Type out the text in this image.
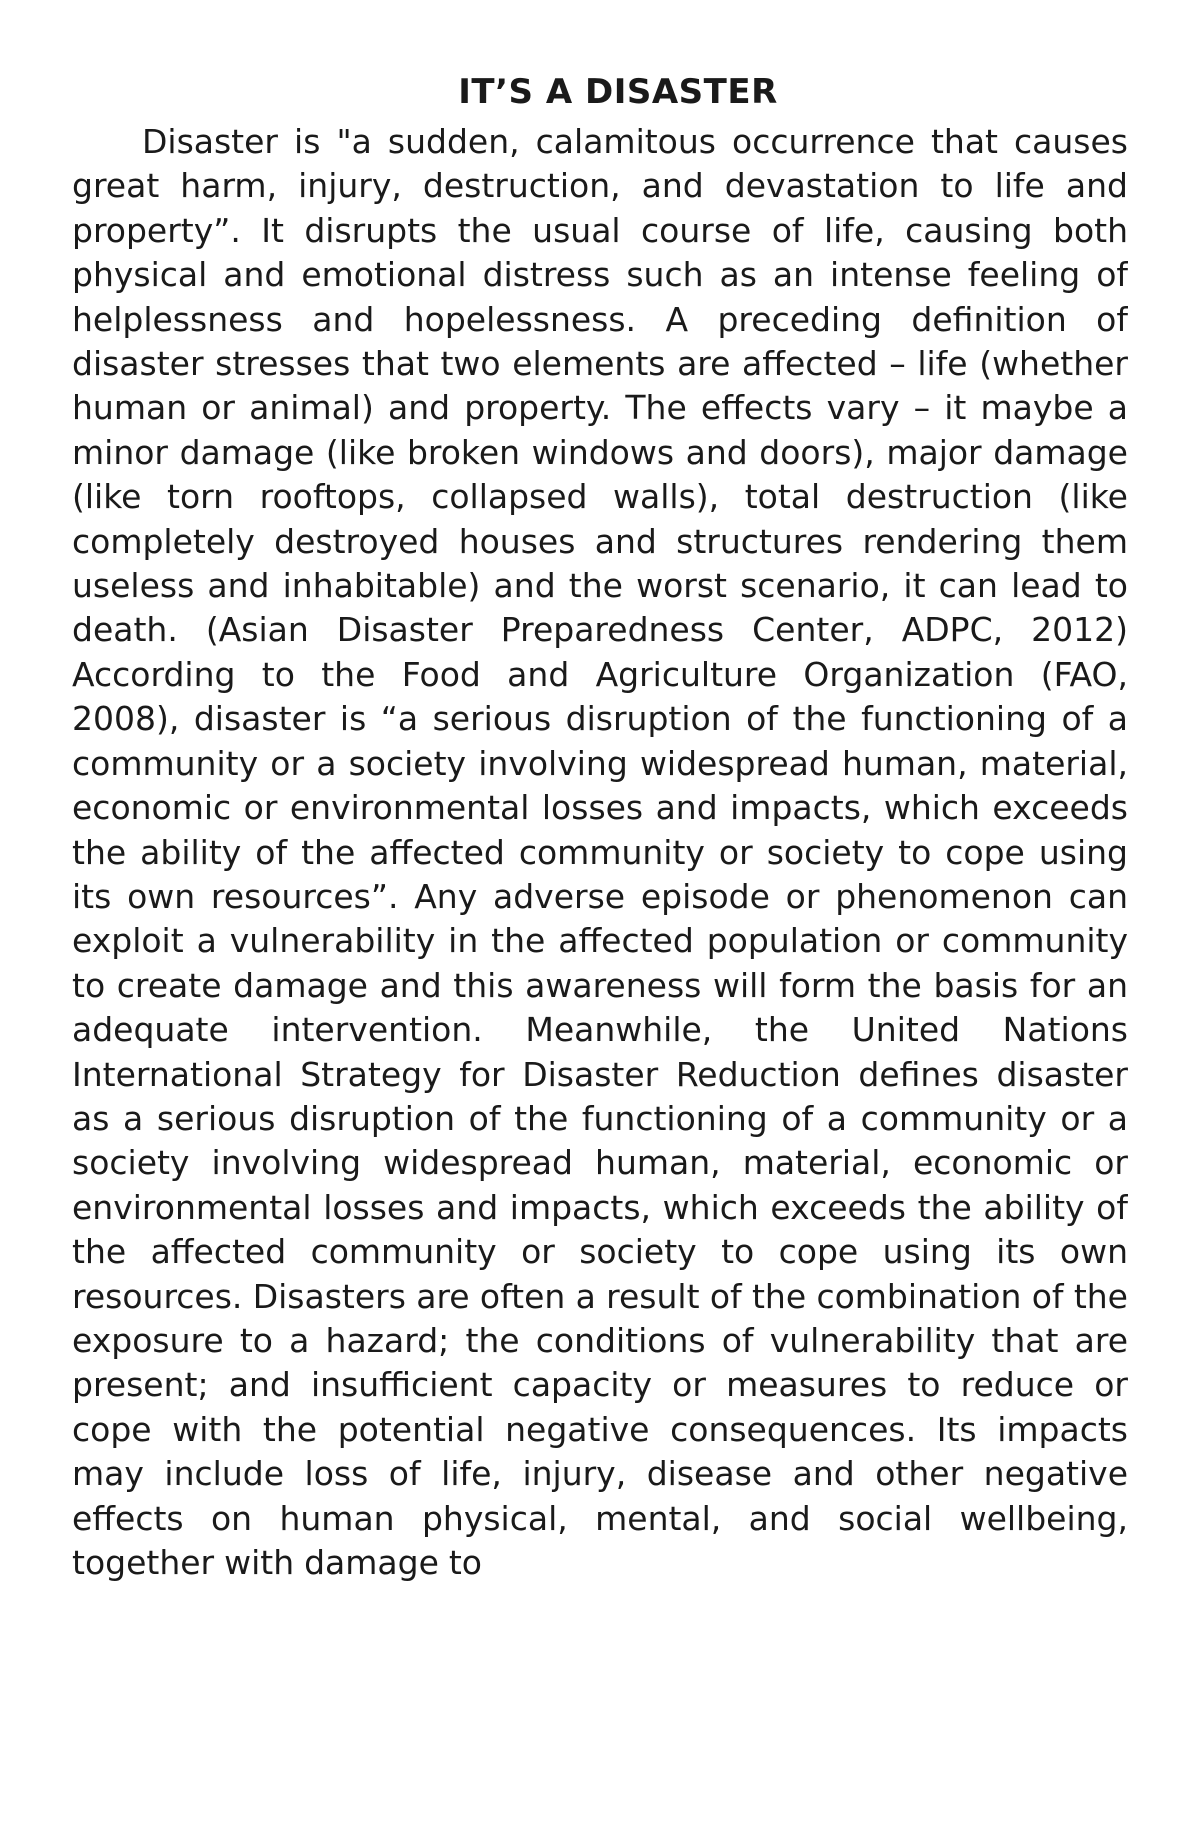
IT’S A DISASTER

Disaster is "a sudden, calamitous occurrence that causes great harm, injury, destruction, and devastation to life and property”. It disrupts the usual course of life, causing both physical and emotional distress such as an intense feeling of helplessness and hopelessness. A preceding definition of disaster stresses that two elements are affected – life (whether human or animal) and property. The effects vary – it maybe a minor damage (like broken windows and doors), major damage (like torn rooftops, collapsed walls), total destruction (like completely destroyed houses and structures rendering them useless and inhabitable) and the worst scenario, it can lead to death. (Asian Disaster Preparedness Center, ADPC, 2012) According to the Food and Agriculture Organization (FAO, 2008), disaster is “a serious disruption of the functioning of a community or a society involving widespread human, material, economic or environmental losses and impacts, which exceeds the ability of the affected community or society to cope using its own resources”. Any adverse episode or phenomenon can exploit a vulnerability in the affected population or community to create damage and this awareness will form the basis for an adequate intervention. Meanwhile, the United Nations International Strategy for Disaster Reduction defines disaster as a serious disruption of the functioning of a community or a society involving widespread human, material, economic or environmental losses and impacts, which exceeds the ability of the affected community or society to cope using its own resources. Disasters are often a result of the combination of the exposure to a hazard; the conditions of vulnerability that are present; and insufficient capacity or measures to reduce or cope with the potential negative consequences. Its impacts may include loss of life, injury, disease and other negative effects on human physical, mental, and social wellbeing, together with damage to
